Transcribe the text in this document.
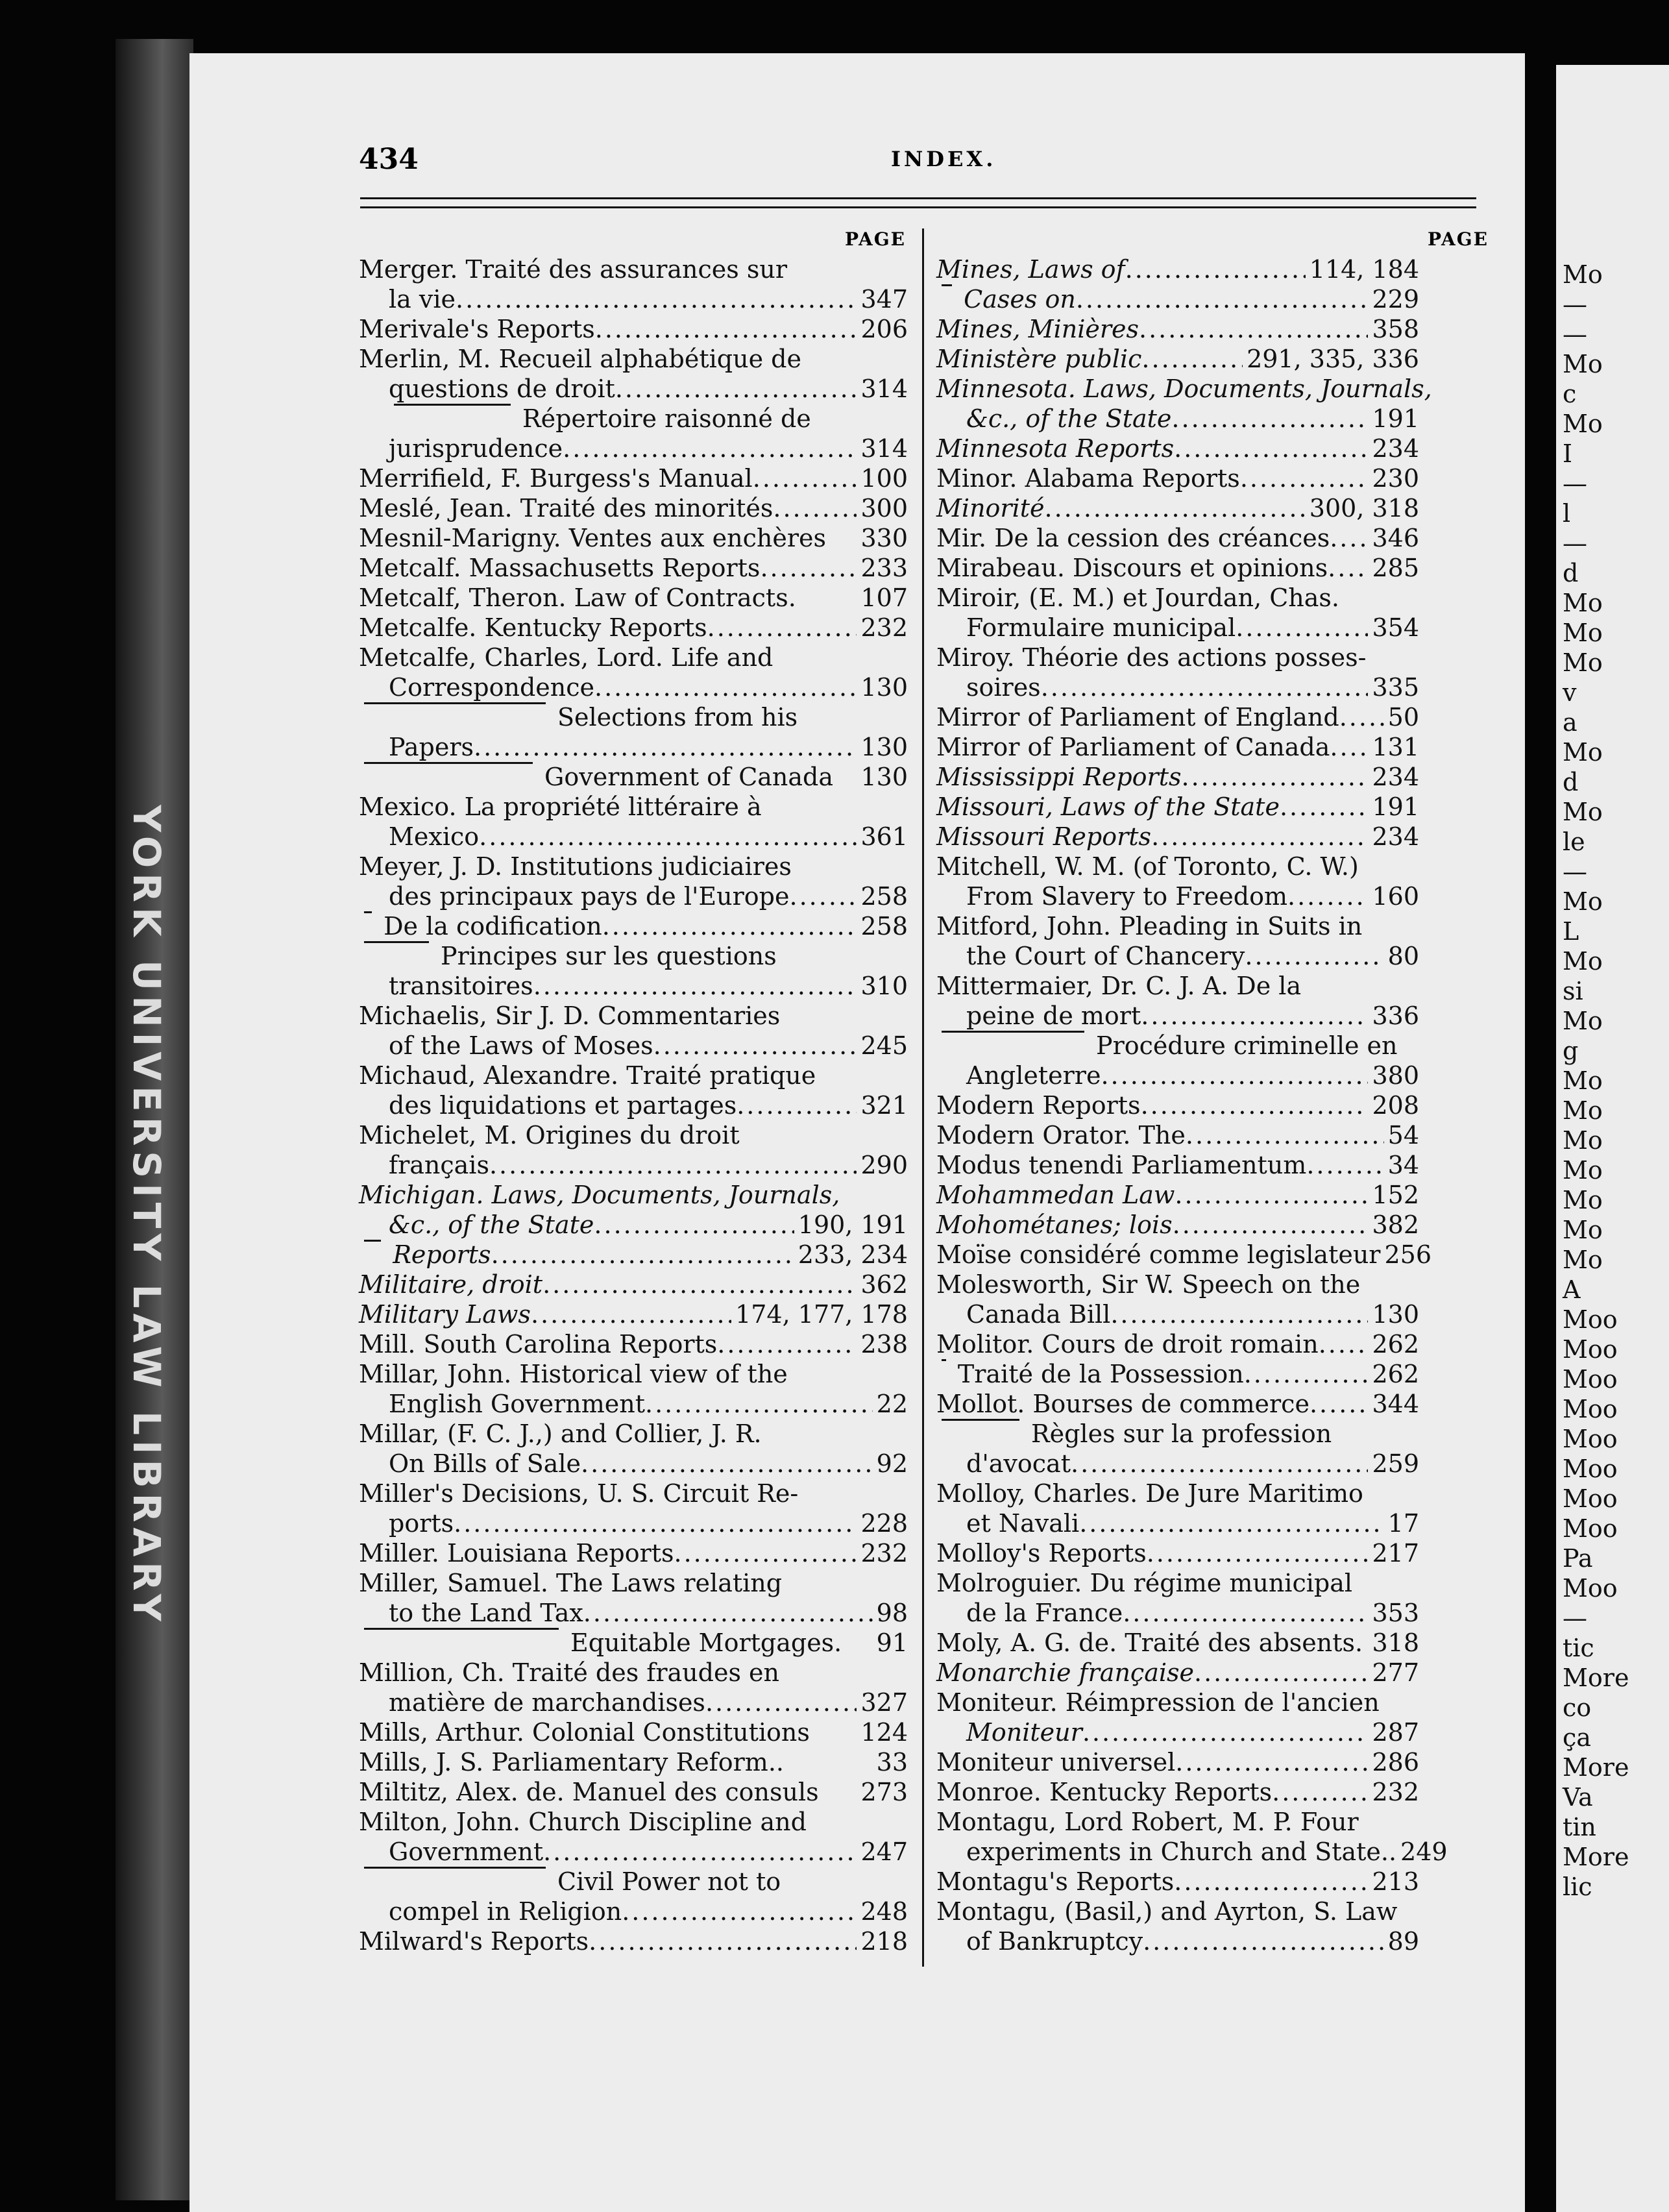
YORK UNIVERSITY LAW LIBRARY
Mo
—
—
Mo
c
Mo
I
—
l
—
d
Mo
Mo
Mo
v
a
Mo
d
Mo
le
—
Mo
L
Mo
si
Mo
g
Mo
Mo
Mo
Mo
Mo
Mo
Mo
A
Moo
Moo
Moo
Moo
Moo
Moo
Moo
Moo
Pa
Moo
—
tic
More
co
ça
More
Va
tin
More
lic
434	INDEX.
PAGE	PAGE
Merger. Traité des assurances sur
la vie .....	347
Merivale's Reports .....	206
Merlin, M. Recueil alphabétique de
questions de droit .....	314
Répertoire raisonné de
jurisprudence .....	314
Merrifield, F. Burgess's Manual .....	100
Meslé, Jean. Traité des minorités .....	300
Mesnil-Marigny. Ventes aux enchères 330
Metcalf. Massachusetts Reports .....	233
Metcalf, Theron. Law of Contracts.	107
Metcalfe. Kentucky Reports .....	232
Metcalfe, Charles, Lord. Life and
Correspondence .....	130
Selections from his
Papers .....	130
Government of Canada 130
Mexico. La propriété littéraire à
Mexico .....	361
Meyer, J. D. Institutions judiciaires
des principaux pays de l'Europe .....	258
De la codification .....	258
Principes sur les questions
transitoires .....	310
Michaelis, Sir J. D. Commentaries
of the Laws of Moses .....	245
Michaud, Alexandre. Traité pratique
des liquidations et partages .....	321
Michelet, M. Origines du droit
français .....	290
Michigan. Laws, Documents, Journals,
&c., of the State .....	190, 191
Reports .....	233, 234
Militaire, droit .....	362
Military Laws .....	174, 177, 178
Mill. South Carolina Reports .....	238
Millar, John. Historical view of the
English Government .....	22
Millar, (F. C. J.,) and Collier, J. R.
On Bills of Sale .....	92
Miller's Decisions, U. S. Circuit Re-
ports .....	228
Miller. Louisiana Reports .....	232
Miller, Samuel. The Laws relating
to the Land Tax .....	98
Equitable Mortgages. 91
Million, Ch. Traité des fraudes en
matière de marchandises .....	327
Mills, Arthur. Colonial Constitutions 124
Mills, J. S. Parliamentary Reform..	33
Miltitz, Alex. de. Manuel des consuls 273
Milton, John. Church Discipline and
Government .....	247
Civil Power not to
compel in Religion .....	248
Milward's Reports .....	218
Mines, Laws of .....	114, 184
Cases on .....	229
Mines, Minières .....	358
Ministère public .....	291, 335, 336
Minnesota. Laws, Documents, Journals,
&c., of the State .....	191
Minnesota Reports .....	234
Minor. Alabama Reports .....	230
Minorité .....	300, 318
Mir. De la cession des créances ..... 346
Mirabeau. Discours et opinions ..... 285
Miroir, (E. M.) et Jourdan, Chas.
Formulaire municipal .....	354
Miroy. Théorie des actions posses-
soires .....	335
Mirror of Parliament of England ..... 50
Mirror of Parliament of Canada ..... 131
Mississippi Reports .....	234
Missouri, Laws of the State .....	191
Missouri Reports .....	234
Mitchell, W. M. (of Toronto, C. W.)
From Slavery to Freedom .....	160
Mitford, John. Pleading in Suits in
the Court of Chancery .....	80
Mittermaier, Dr. C. J. A. De la
peine de mort .....	336
Procédure criminelle en
Angleterre .....	380
Modern Reports .....	208
Modern Orator. The .....	54
Modus tenendi Parliamentum .....	34
Mohammedan Law .....	152
Mohométanes; lois .....	382
Moïse considéré comme legislateur 256
Molesworth, Sir W. Speech on the
Canada Bill .....	130
Molitor. Cours de droit romain ..... 262
Traité de la Possession .....	262
Mollot. Bourses de commerce .....	344
Règles sur la profession
d'avocat .....	259
Molloy, Charles. De Jure Maritimo
et Navali .....	17
Molloy's Reports .....	217
Molroguier. Du régime municipal
de la France .....	353
Moly, A. G. de. Traité des absents. 318
Monarchie française .....	277
Moniteur. Réimpression de l'ancien
Moniteur .....	287
Moniteur universel .....	286
Monroe. Kentucky Reports .....	232
Montagu, Lord Robert, M. P. Four
experiments in Church and State.. 249
Montagu's Reports .....	213
Montagu, (Basil,) and Ayrton, S. Law
of Bankruptcy .....	89
